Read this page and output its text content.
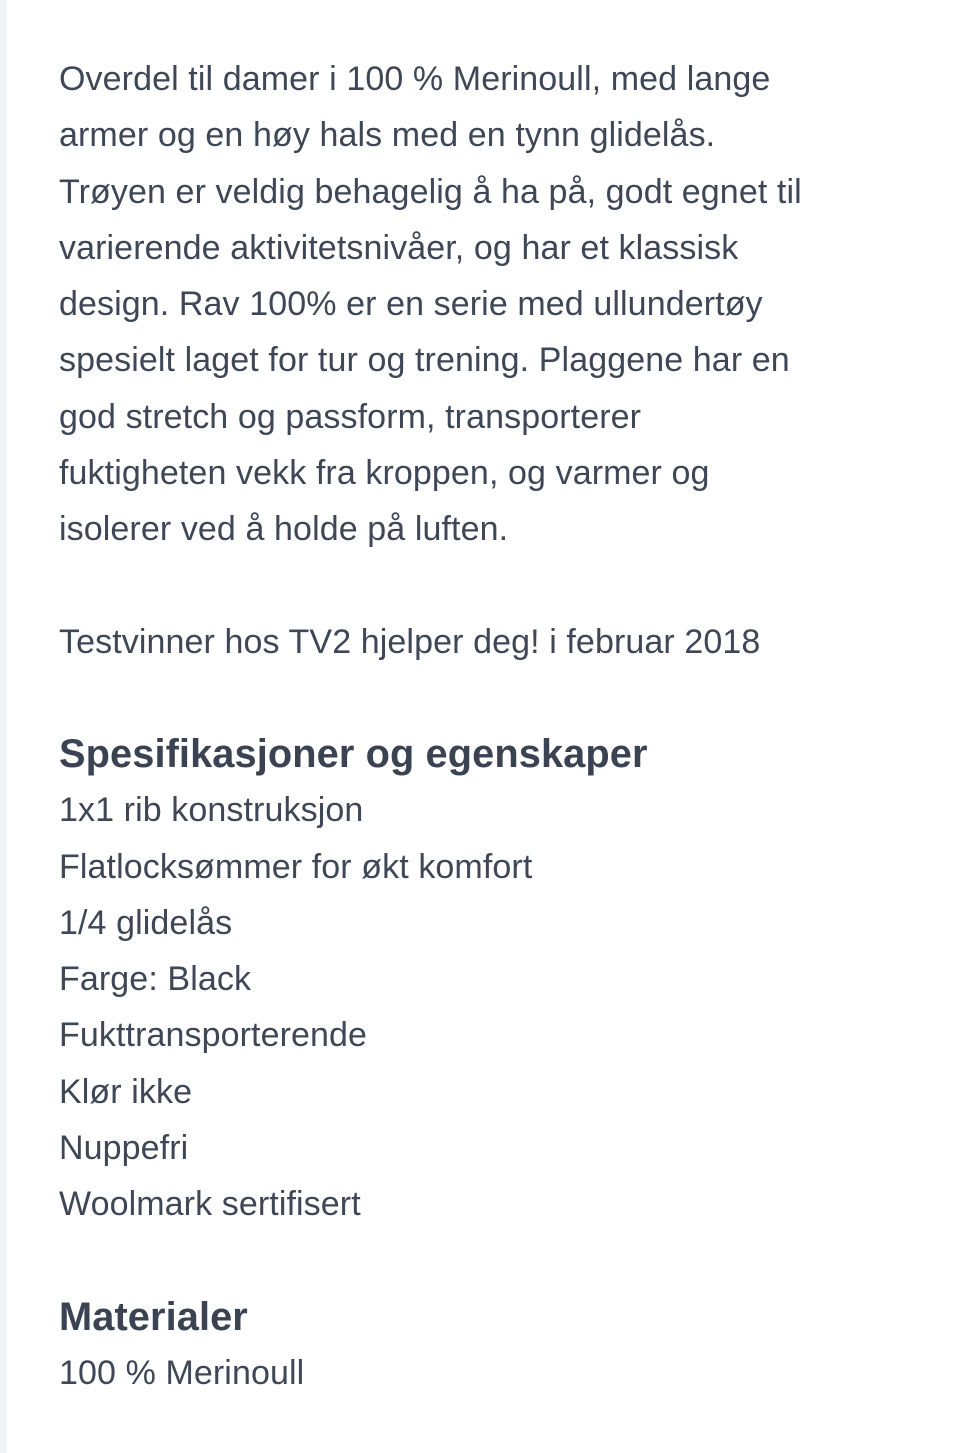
Overdel til damer i 100 % Merinoull, med lange
armer og en høy hals med en tynn glidelås.
Trøyen er veldig behagelig å ha på, godt egnet til
varierende aktivitetsnivåer, og har et klassisk
design. Rav 100% er en serie med ullundertøy
spesielt laget for tur og trening. Plaggene har en
god stretch og passform, transporterer
fuktigheten vekk fra kroppen, og varmer og
isolerer ved å holde på luften.

Testvinner hos TV2 hjelper deg! i februar 2018

Spesifikasjoner og egenskaper
1x1 rib konstruksjon
Flatlocksømmer for økt komfort
1/4 glidelås
Farge: Black
Fukttransporterende
Klør ikke
Nuppefri
Woolmark sertifisert
Materialer

100 % Merinoull
